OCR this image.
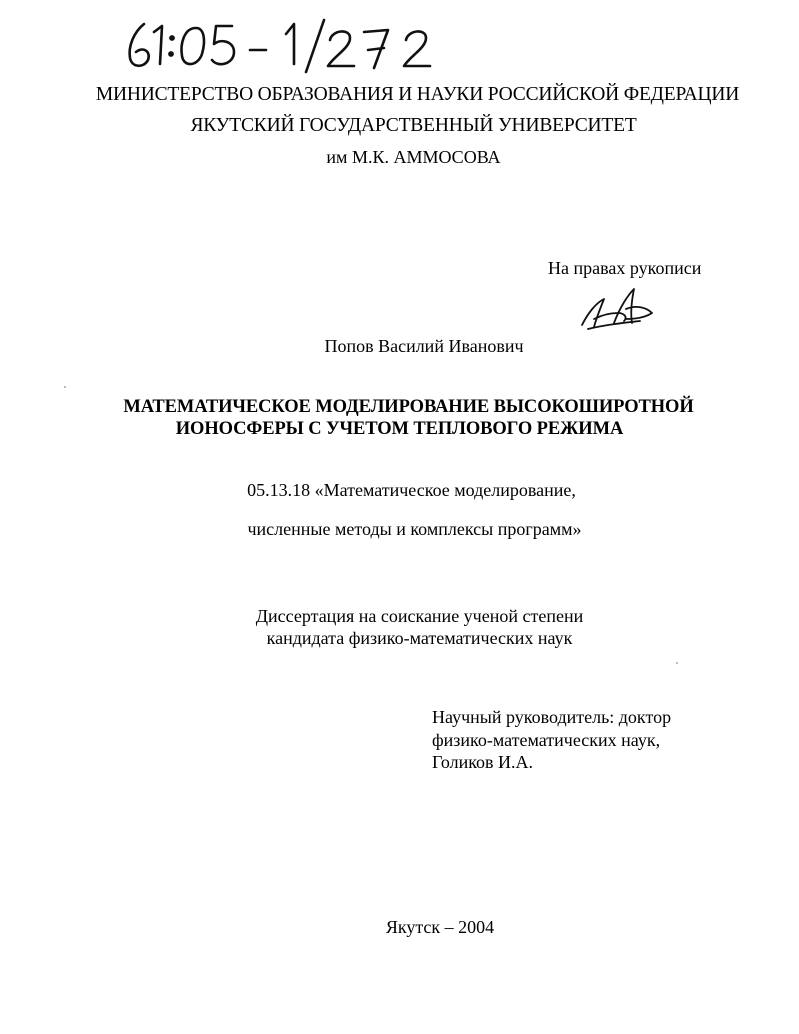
МИНИСТЕРСТВО ОБРАЗОВАНИЯ И НАУКИ РОССИЙСКОЙ ФЕДЕРАЦИИ
ЯКУТСКИЙ ГОСУДАРСТВЕННЫЙ УНИВЕРСИТЕТ
им М.К. АММОСОВА
На правах рукописи
Попов Василий Иванович
МАТЕМАТИЧЕСКОЕ МОДЕЛИРОВАНИЕ ВЫСОКОШИРОТНОЙ
ИОНОСФЕРЫ С УЧЕТОМ ТЕПЛОВОГО РЕЖИМА
05.13.18 «Математическое моделирование,
численные методы и комплексы программ»
Диссертация на соискание ученой степени
кандидата физико-математических наук
Научный руководитель: доктор
физико-математических наук,
Голиков И.А.
Якутск – 2004
